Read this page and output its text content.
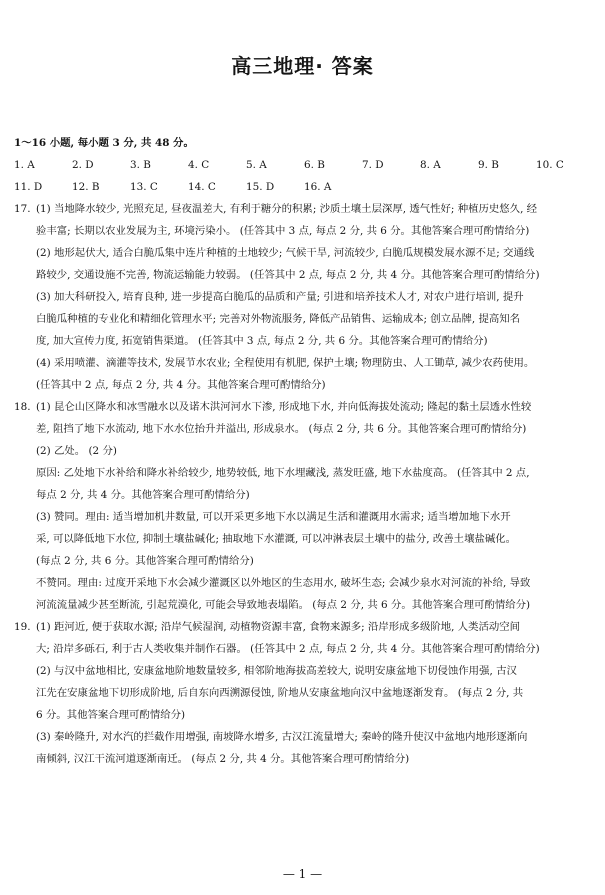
高三地理· 答案
1～16 小题, 每小题 3 分, 共 48 分。
1. A	2. D	3. B	4. C	5. A	6. B	7. D	8. A	9. B	10. C
11. D	12. B	13. C	14. C	15. D	16. A
17. (1) 当地降水较少, 光照充足, 昼夜温差大, 有利于糖分的积累; 沙质土壤土层深厚, 透气性好; 种植历史悠久, 经
验丰富; 长期以农业发展为主, 环境污染小。 (任答其中 3 点, 每点 2 分, 共 6 分。其他答案合理可酌情给分)
(2) 地形起伏大, 适合白脆瓜集中连片种植的土地较少; 气候干旱, 河流较少, 白脆瓜规模发展水源不足; 交通线
路较少, 交通设施不完善, 物流运输能力较弱。 (任答其中 2 点, 每点 2 分, 共 4 分。其他答案合理可酌情给分)
(3) 加大科研投入, 培育良种, 进一步提高白脆瓜的品质和产量; 引进和培养技术人才, 对农户进行培训, 提升
白脆瓜种植的专业化和精细化管理水平; 完善对外物流服务, 降低产品销售、运输成本; 创立品牌, 提高知名
度, 加大宣传力度, 拓宽销售渠道。 (任答其中 3 点, 每点 2 分, 共 6 分。其他答案合理可酌情给分)
(4) 采用喷灌、滴灌等技术, 发展节水农业; 全程使用有机肥, 保护土壤; 物理防虫、人工锄草, 减少农药使用。
(任答其中 2 点, 每点 2 分, 共 4 分。其他答案合理可酌情给分)
18. (1) 昆仑山区降水和冰雪融水以及诺木洪河河水下渗, 形成地下水, 并向低海拔处流动; 隆起的黏土层透水性较
差, 阻挡了地下水流动, 地下水水位抬升并溢出, 形成泉水。 (每点 2 分, 共 6 分。其他答案合理可酌情给分)
(2) 乙处。 (2 分)
原因: 乙处地下水补给和降水补给较少, 地势较低, 地下水埋藏浅, 蒸发旺盛, 地下水盐度高。 (任答其中 2 点,
每点 2 分, 共 4 分。其他答案合理可酌情给分)
(3) 赞同。理由: 适当增加机井数量, 可以开采更多地下水以满足生活和灌溉用水需求; 适当增加地下水开
采, 可以降低地下水位, 抑制土壤盐碱化; 抽取地下水灌溉, 可以冲淋表层土壤中的盐分, 改善土壤盐碱化。
(每点 2 分, 共 6 分。其他答案合理可酌情给分)
不赞同。理由: 过度开采地下水会减少灌溉区以外地区的生态用水, 破坏生态; 会减少泉水对河流的补给, 导致
河流流量减少甚至断流, 引起荒漠化, 可能会导致地表塌陷。 (每点 2 分, 共 6 分。其他答案合理可酌情给分)
19. (1) 距河近, 便于获取水源; 沿岸气候湿润, 动植物资源丰富, 食物来源多; 沿岸形成多级阶地, 人类活动空间
大; 沿岸多砾石, 利于古人类收集并制作石器。 (任答其中 2 点, 每点 2 分, 共 4 分。其他答案合理可酌情给分)
(2) 与汉中盆地相比, 安康盆地阶地数量较多, 相邻阶地海拔高差较大, 说明安康盆地下切侵蚀作用强, 古汉
江先在安康盆地下切形成阶地, 后自东向西溯源侵蚀, 阶地从安康盆地向汉中盆地逐渐发育。 (每点 2 分, 共
6 分。其他答案合理可酌情给分)
(3) 秦岭隆升, 对水汽的拦截作用增强, 南坡降水增多, 古汉江流量增大; 秦岭的隆升使汉中盆地内地形逐渐向
南倾斜, 汉江干流河道逐渐南迁。 (每点 2 分, 共 4 分。其他答案合理可酌情给分)
— 1 —
